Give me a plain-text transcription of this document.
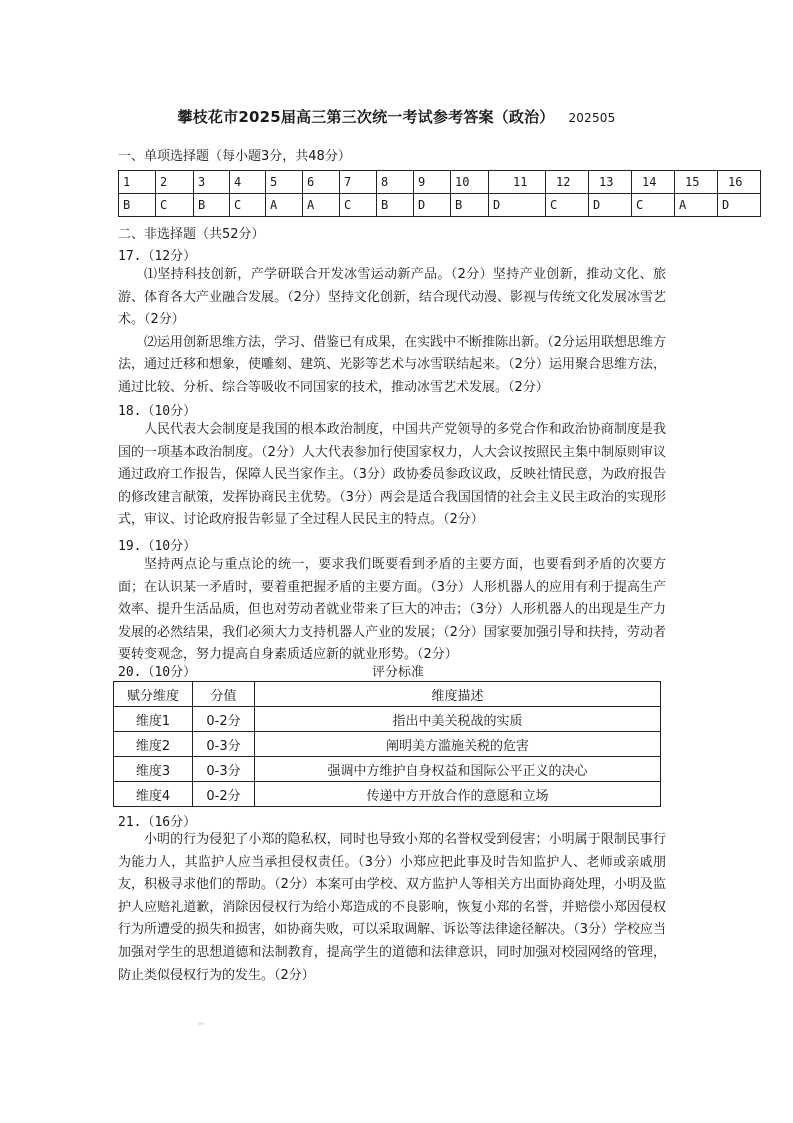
攀枝花市2025届高三第三次统一考试参考答案（政治） 202505
一、单项选择题（每小题3分，共48分）
1	2	3	4	5	6	7	8	9	10	11	12	13	14	15	16
B	C	B	C	A	A	C	B	D	B	D	C	D	C	A	D
二、非选择题（共52分）
17.（12分）

⑴坚持科技创新，产学研联合开发冰雪运动新产品。（2分）坚持产业创新，推动文化、旅游、体育各大产业融合发展。（2分）坚持文化创新，结合现代动漫、影视与传统文化发展冰雪艺术。（2分）

⑵运用创新思维方法，学习、借鉴已有成果，在实践中不断推陈出新。（2分运用联想思维方法，通过迁移和想象，使雕刻、建筑、光影等艺术与冰雪联结起来。（2分）运用聚合思维方法，通过比较、分析、综合等吸收不同国家的技术，推动冰雪艺术发展。（2分）

18.（10分）

人民代表大会制度是我国的根本政治制度，中国共产党领导的多党合作和政治协商制度是我国的一项基本政治制度。（2分）人大代表参加行使国家权力，人大会议按照民主集中制原则审议通过政府工作报告，保障人民当家作主。（3分）政协委员参政议政，反映社情民意，为政府报告的修改建言献策，发挥协商民主优势。（3分）两会是适合我国国情的社会主义民主政治的实现形式，审议、讨论政府报告彰显了全过程人民民主的特点。（2分）

19.（10分）

坚持两点论与重点论的统一，要求我们既要看到矛盾的主要方面，也要看到矛盾的次要方面；在认识某一矛盾时，要着重把握矛盾的主要方面。（3分）人形机器人的应用有利于提高生产效率、提升生活品质，但也对劳动者就业带来了巨大的冲击；（3分）人形机器人的出现是生产力发展的必然结果，我们必须大力支持机器人产业的发展；（2分）国家要加强引导和扶持，劳动者要转变观念，努力提高自身素质适应新的就业形势。（2分）

20.（10分）	评分标准
赋分维度	分值	维度描述
维度1	0-2分	指出中美关税战的实质
维度2	0-3分	阐明美方滥施关税的危害
维度3	0-3分	强调中方维护自身权益和国际公平正义的决心
维度4	0-2分	传递中方开放合作的意愿和立场
21.（16分）

小明的行为侵犯了小郑的隐私权，同时也导致小郑的名誉权受到侵害；小明属于限制民事行为能力人，其监护人应当承担侵权责任。（3分）小郑应把此事及时告知监护人、老师或亲戚朋友，积极寻求他们的帮助。（2分）本案可由学校、双方监护人等相关方出面协商处理，小明及监护人应赔礼道歉，消除因侵权行为给小郑造成的不良影响，恢复小郑的名誉，并赔偿小郑因侵权行为所遭受的损失和损害，如协商失败，可以采取调解、诉讼等法律途径解决。（3分）学校应当加强对学生的思想道德和法制教育，提高学生的道德和法律意识，同时加强对校园网络的管理，防止类似侵权行为的发生。（2分）
